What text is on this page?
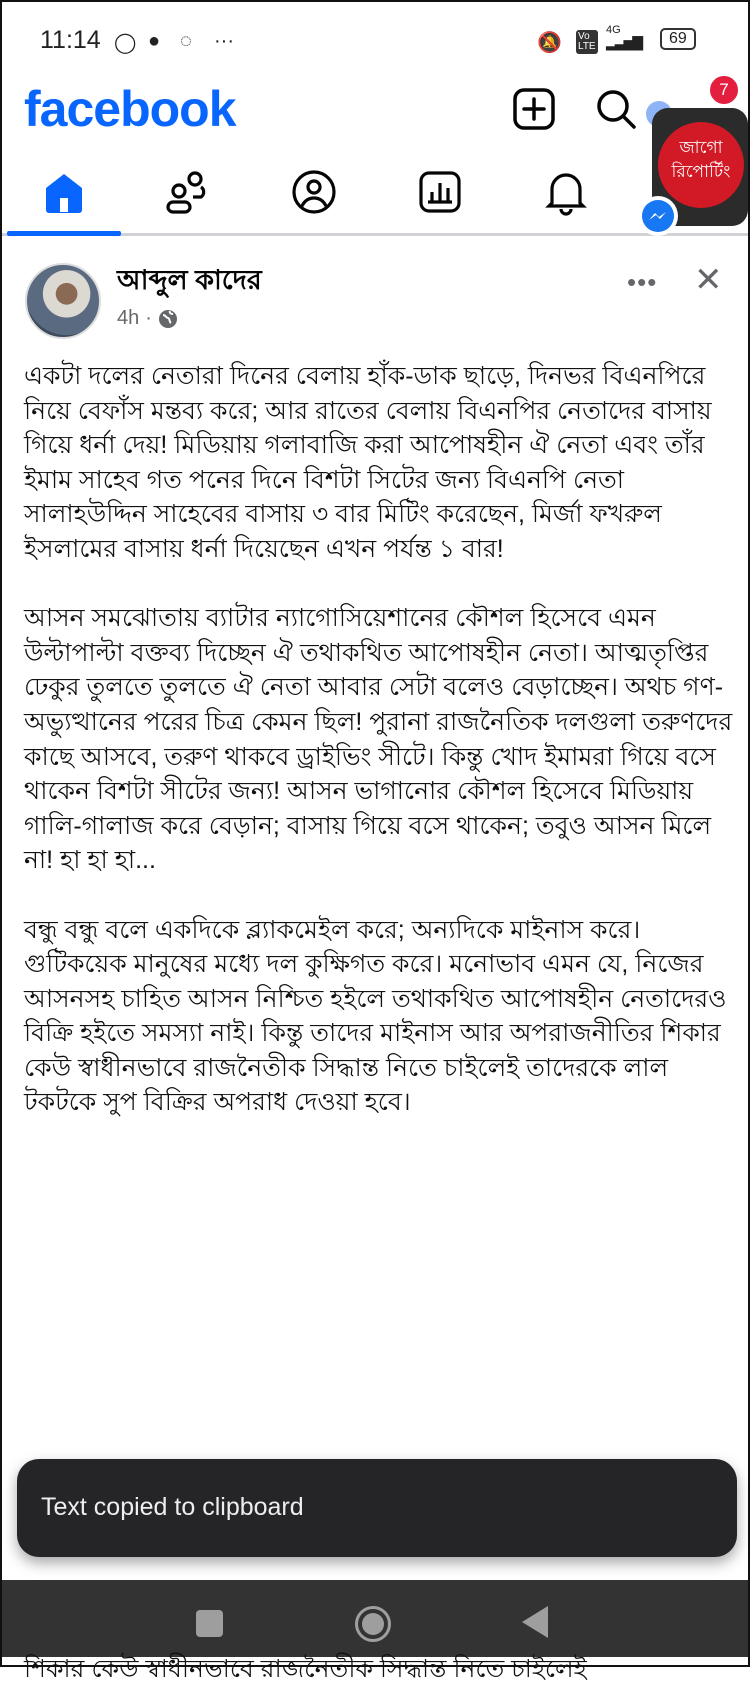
11:14 ◯ ● ◌ ···	🔕 Vo LTE
4G
▂▃▅▇	69
facebook
জাগো
রিপোর্টিং
7
আব্দুল কাদের
4h ·
••• ✕

একটা দলের নেতারা দিনের বেলায় হাঁক-ডাক ছাড়ে, দিনভর বিএনপিরে নিয়ে বেফাঁস মন্তব্য করে; আর রাতের বেলায় বিএনপির নেতাদের বাসায় গিয়ে ধর্না দেয়! মিডিয়ায় গলাবাজি করা আপোষহীন ঐ নেতা এবং তাঁর ইমাম সাহেব গত পনের দিনে বিশটা সিটের জন্য বিএনপি নেতা সালাহউদ্দিন সাহেবের বাসায় ৩ বার মিটিং করেছেন, মির্জা ফখরুল ইসলামের বাসায় ধর্না দিয়েছেন এখন পর্যন্ত ১ বার!

আসন সমঝোতায় ব্যাটার ন্যাগোসিয়েশানের কৌশল হিসেবে এমন উল্টাপাল্টা বক্তব্য দিচ্ছেন ঐ তথাকথিত আপোষহীন নেতা। আত্মতৃপ্তির ঢেকুর তুলতে তুলতে ঐ নেতা আবার সেটা বলেও বেড়াচ্ছেন। অথচ গণ-অভ্যুত্থানের পরের চিত্র কেমন ছিল! পুরানা রাজনৈতিক দলগুলা তরুণদের কাছে আসবে, তরুণ থাকবে ড্রাইভিং সীটে। কিন্তু খোদ ইমামরা গিয়ে বসে থাকেন বিশটা সীটের জন্য! আসন ভাগানোর কৌশল হিসেবে মিডিয়ায় গালি-গালাজ করে বেড়ান; বাসায় গিয়ে বসে থাকেন; তবুও আসন মিলে না! হা হা হা...

বন্ধু বন্ধু বলে একদিকে ব্ল্যাকমেইল করে; অন্যদিকে মাইনাস করে। গুটিকয়েক মানুষের মধ্যে দল কুক্ষিগত করে। মনোভাব এমন যে, নিজের আসনসহ চাহিত আসন নিশ্চিত হইলে তথাকথিত আপোষহীন নেতাদেরও বিক্রি হইতে সমস্যা নাই। কিন্তু তাদের মাইনাস আর অপরাজনীতির শিকার কেউ স্বাধীনভাবে রাজনৈতীক সিদ্ধান্ত নিতে চাইলেই তাদেরকে লাল টকটকে সুপ বিক্রির অপরাধ দেওয়া হবে।

Text copied to clipboard
শিকার কেউ স্বাধীনভাবে রাজনৈতীক সিদ্ধান্ত নিতে চাইলেই
